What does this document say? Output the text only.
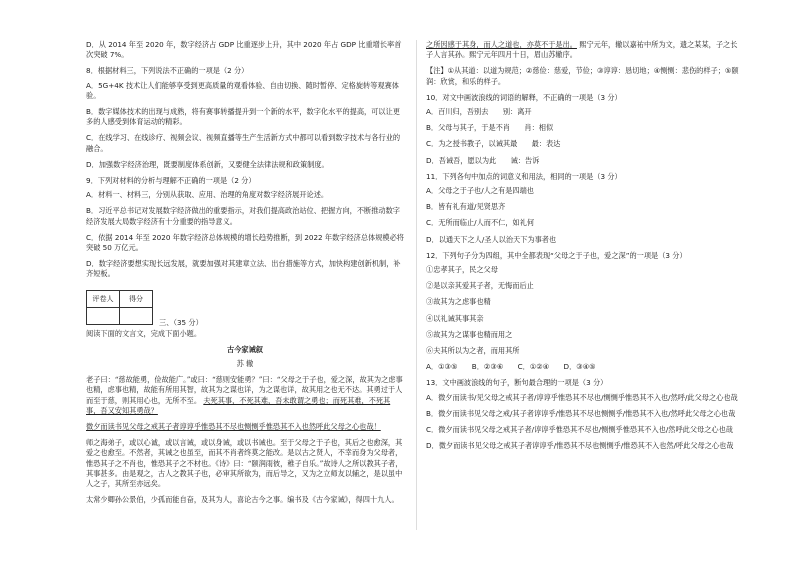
D．从 2014 年至 2020 年，数字经济占 GDP 比重逐步上升，其中 2020 年占 GDP 比重增长率首次突破 7%。
8．根据材料三，下列说法不正确的一项是（2 分）
A．5G+4K 技术让人们能够享受到更高质量的观看体验、自由切换、随时暂停、定格旋转等观赛体验。
B．数字媒体技术的出现与成熟，将有赛事转播提升到一个新的水平，数字化水平的提高，可以让更多的人感受到体育运动的精彩。
C．在线学习、在线诊疗、视频会议、视频直播等生产生活新方式中都可以看到数字技术与各行业的融合。
D．加强数字经济治理，既要制度体系创新，又要健全法律法规和政策制度。
9．下列对材料的分析与理解不正确的一项是（2 分）
A．材料一、材料三，分别从获取、应用、治理的角度对数字经济展开论述。
B．习近平总书记对发展数字经济做出的重要指示，对我们提高政治站位、把握方向，不断推动数字经济发展大局数字经济有十分重要的指导意义。
C．依据 2014 年至 2020 年数字经济总体规模的增长趋势推断，到 2022 年数字经济总体规模必将突破 50 万亿元。
D．数字经济要想实现长远发展，就要加强对其建章立法、出台措施等方式，加快构建创新机制，补齐短板。
评卷人	得分

三、（35 分）
阅读下面的文言文，完成下面小题。
古今家诫叙
苏 辙
老子曰：“慈故能勇，俭故能广。”或曰：“慈则安能勇？”曰：“父母之于子也，爱之深，故其为之虑事也精，虑事也精，故能有所用其智，故其为之谋也详，为之谋也详，故其用之也无不达。其勇过于人而至于慈，则其用心也，无所不至。 夫死其事，不死其难，吾未敢谓之勇也；而死其难，不死其事，吾又安知其勇哉？
微夕而读书见父母之戒其子者谆谆乎惟恐其不尽也恻恻乎惟恐其不入也然呼此父母之心也哉！
师之海弟子，或以心诚，或以言诫，或以身诫，或以书诫也。至于父母之于子也，其后之也愈深，其爱之也愈至。不然者，其诫之也虽至，而其不肖者终莫之能改。是以古之贤人，不幸而身为父母者，惟恐其子之不肖也，惟恐其子之不材也。《诗》曰：“颐润雨彼，稚子自乐。”故诗人之所以教其子者，其事甚多。由是观之，古人之教其子也，必审其所欲为，而后导之，又为之立师友以辅之，是以虽中人之子，其所至亦远矣。
太常少卿孙公景伯，少孤而能自奋，及其为人，喜论古今之事。编书及《古今家诫》，得四十九人。
之所因感于其身，而人之道也，亦莫不于是出。 熙宁元年，辙以嘉祐中所为文，遗之某某，子之长子人言其孙。熙宁元年四月十日，眉山苏辙序。
【注】①从其道：以道为规范；②慈俭：慈爱，节俭；③谆谆：恳切地；④恻恻：悲伤的样子；⑤颐润：欣赏，和乐的样子。
10．对文中画波浪线的词语的解释，不正确的一项是（3 分）
A．百川归，吾别去　　 别：离开
B．父母与其子，于是不肖　　 肖：相似
C．为之授书教子，以诫其最　　 最：表达
D．吾诫吾，愿以为此　　 诫：告诉
11．下列各句中加点的词意义和用法，相同的一项是（3 分）
A．父母之于子也/人之有是四端也
B．皆有礼有道/见贤思齐
C．无所而临止/人而不仁，如礼何
D．以通天下之人/圣人以治天下为事者也
12．下列句子分为四组，其中全都表现“父母之于子也，爱之深”的一项是（3 分）
①忠孝其子，民之父母
②是以亲其爱其子者，无悔而后止
③故其为之虑事也精
④以礼诫其事其亲
⑤故其为之谋事也精而用之
⑥夫其所以为之者，而用其所
A．①③⑤　　B．②③⑥　　C．①②④　　D．③④⑤
13．文中画波浪线的句子，断句最合理的一项是（3 分）
A．微夕而读书/见父母之戒其子者/谆谆乎惟恐其不尽也/恻恻乎惟恐其不入也/然呼/此父母之心也哉
B．微夕而读书见父母之戒/其子者谆谆乎/惟恐其不尽也恻恻乎/惟恐其不入也/然呼此父母之心也哉
C．微夕而读书见父母之戒其子者/谆谆乎惟恐其不尽也/恻恻乎惟恐其不入也/然呼此父母之心也哉
D．微夕而读书见父母之戒其子者谆谆乎/惟恐其不尽也恻恻乎/惟恐其不入也然/呼此父母之心也哉
